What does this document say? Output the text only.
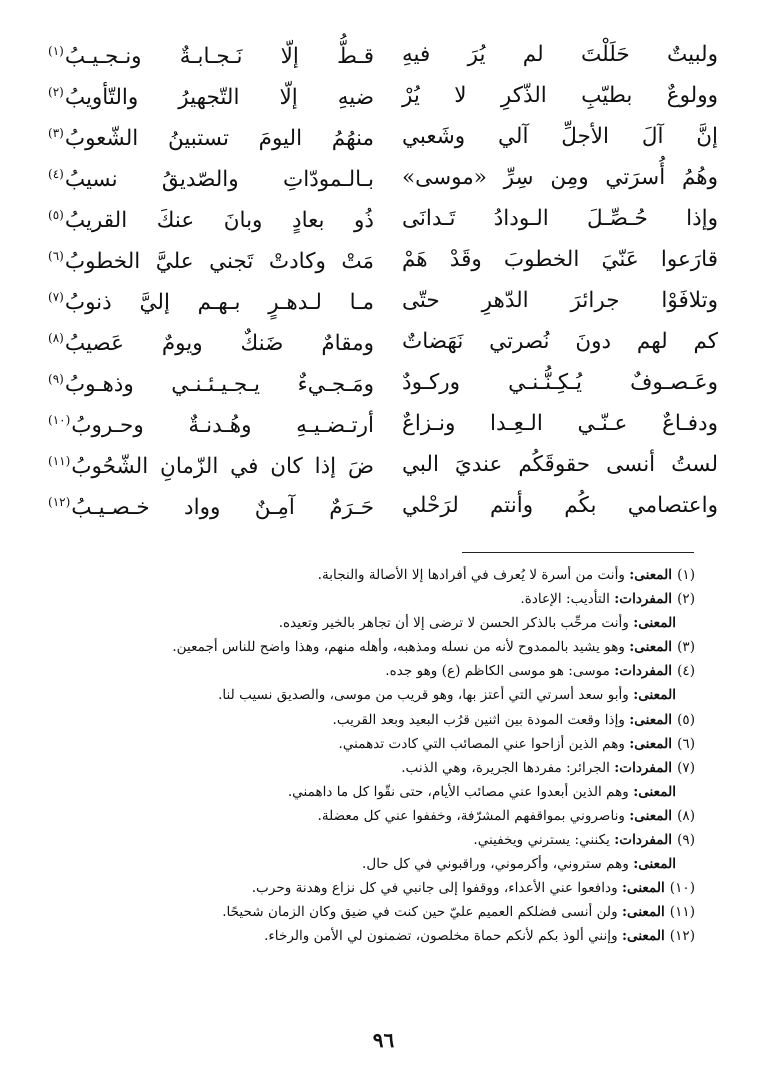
ولبيتٌ حَلَلْتَ لم يُرَ فيهِ
قـطُّ إلّا نَـجـابـةٌ ونـجـيـبُ$^{(١)}$
وولوعٌ بطيّبِ الذّكرِ لا يُرْ
ضيهِ إلّا التّجهيرُ والتّأويبُ$^{(٢)}$
إنَّ آلَ الأجلِّ آلي وشَعبي
منهُمُ اليومَ تستبينُ الشّعوبُ$^{(٣)}$
وهُمُ أُسرَتي ومِن سِرِّ «موسى»
بـالـمودّاتِ والصّديقُ نسيبُ$^{(٤)}$
وإذا حُـصِّـلَ الـودادُ تَـدانَى
ذُو بعادٍ وبانَ عنكَ القريبُ$^{(٥)}$
قارَعوا عَنّيَ الخطوبَ وقَدْ هَمْ
مَتْ وكادتْ تَجني عليَّ الخطوبُ$^{(٦)}$
وتلافَوْا جرائرَ الدّهرِ حتّى
مـا لـدهـرٍ بـهـم إليَّ ذنوبُ$^{(٧)}$
كم لهم دونَ نُصرتي نَهَضاتٌ
ومقامٌ ضَنكٌ ويومٌ عَصيبُ$^{(٨)}$
وعَـصـوفٌ يُـكِـنُّـنـي وركـودٌ
ومَـجـيءٌ يـجـيـئـنـي وذهـوبُ$^{(٩)}$
ودفـاعٌ عـنّـي الـعِـدا ونـزاعٌ
أرتـضـيـهِ وهُـدنـةٌ وحـروبُ$^{(١٠)}$
لستُ أنسى حقوقَكُم عنديَ البي
ضَ إذا كان في الزّمانِ الشّحُوبُ$^{(١١)}$
واعتصامي بكُم وأنتم لرَحْلي
حَـرَمٌ آمِـنٌ وواد خـصـيـبُ$^{(١٢)}$
(١)المعنى: وأنت من أسرة لا يُعرف في أفرادها إلا الأصالة والنجابة.
(٢)المفردات: التأديب: الإعادة.
المعنى: وأنت مرحِّب بالذكر الحسن لا ترضى إلا أن تجاهر بالخير وتعيده.
(٣)المعنى: وهو يشيد بالممدوح لأنه من نسله ومذهبه، وأهله منهم، وهذا واضح للناس أجمعين.
(٤)المفردات: موسى: هو موسى الكاظم (ع) وهو جده.
المعنى: وأبو سعد أسرتي التي أعتز بها، وهو قريب من موسى، والصديق نسيب لنا.
(٥)المعنى: وإذا وقعت المودة بين اثنين قرُب البعيد وبعد القريب.
(٦)المعنى: وهم الذين أزاحوا عني المصائب التي كادت تدهمني.
(٧)المفردات: الجرائر: مفردها الجريرة، وهي الذنب.
المعنى: وهم الذين أبعدوا عني مصائب الأيام، حتى نقّوا كل ما داهمني.
(٨)المعنى: وناصروني بمواقفهم المشرّفة، وخففوا عني كل معضلة.
(٩)المفردات: يكنني: يسترني ويخفيني.
المعنى: وهم ستروني، وأكرموني، وراقبوني في كل حال.
(١٠)المعنى: ودافعوا عني الأعداء، ووقفوا إلى جانبي في كل نزاع وهدنة وحرب.
(١١)المعنى: ولن أنسى فضلكم العميم عليّ حين كنت في ضيق وكان الزمان شحيحًا.
(١٢)المعنى: وإنني ألوذ بكم لأنكم حماة مخلصون، تضمنون لي الأمن والرخاء.
٩٦
